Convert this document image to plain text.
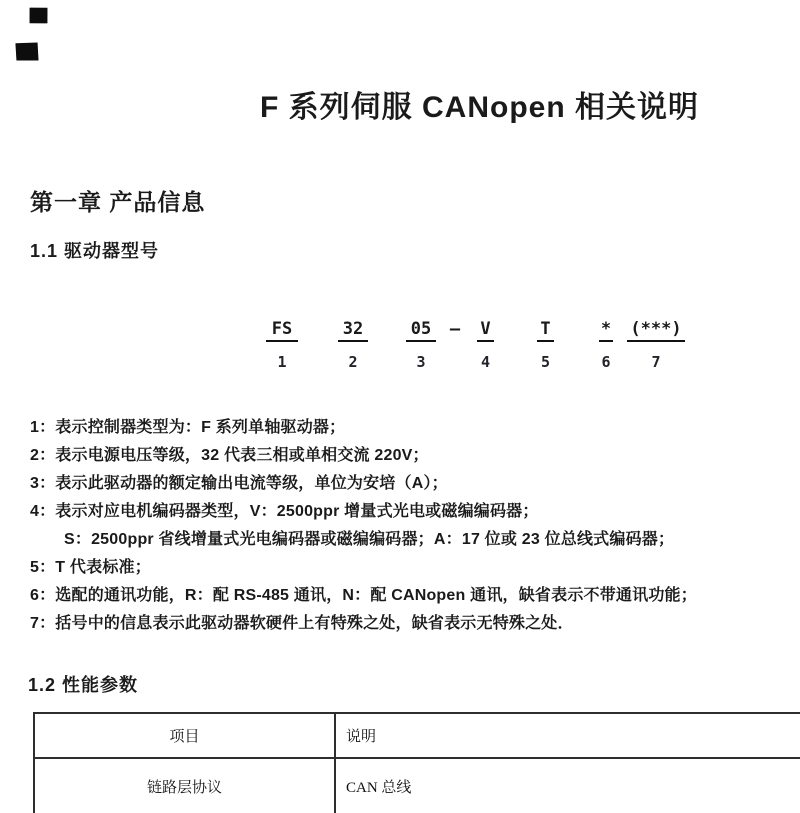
F 系列伺服 CANopen 相关说明
第一章 产品信息
1.1 驱动器型号
FS
1
32
2
05
3
– V
4
T
5
*
6
(***)
7
1：表示控制器类型为：F 系列单轴驱动器；
2：表示电源电压等级，32 代表三相或单相交流 220V；
3：表示此驱动器的额定输出电流等级，单位为安培（A）；
4：表示对应电机编码器类型，V：2500ppr 增量式光电或磁编编码器；
S：2500ppr 省线增量式光电编码器或磁编编码器；A：17 位或 23 位总线式编码器；
5：T 代表标准；
6：选配的通讯功能，R：配 RS-485 通讯，N：配 CANopen 通讯，缺省表示不带通讯功能；
7：括号中的信息表示此驱动器软硬件上有特殊之处，缺省表示无特殊之处．
1.2 性能参数
项目	说明
链路层协议	CAN 总线
